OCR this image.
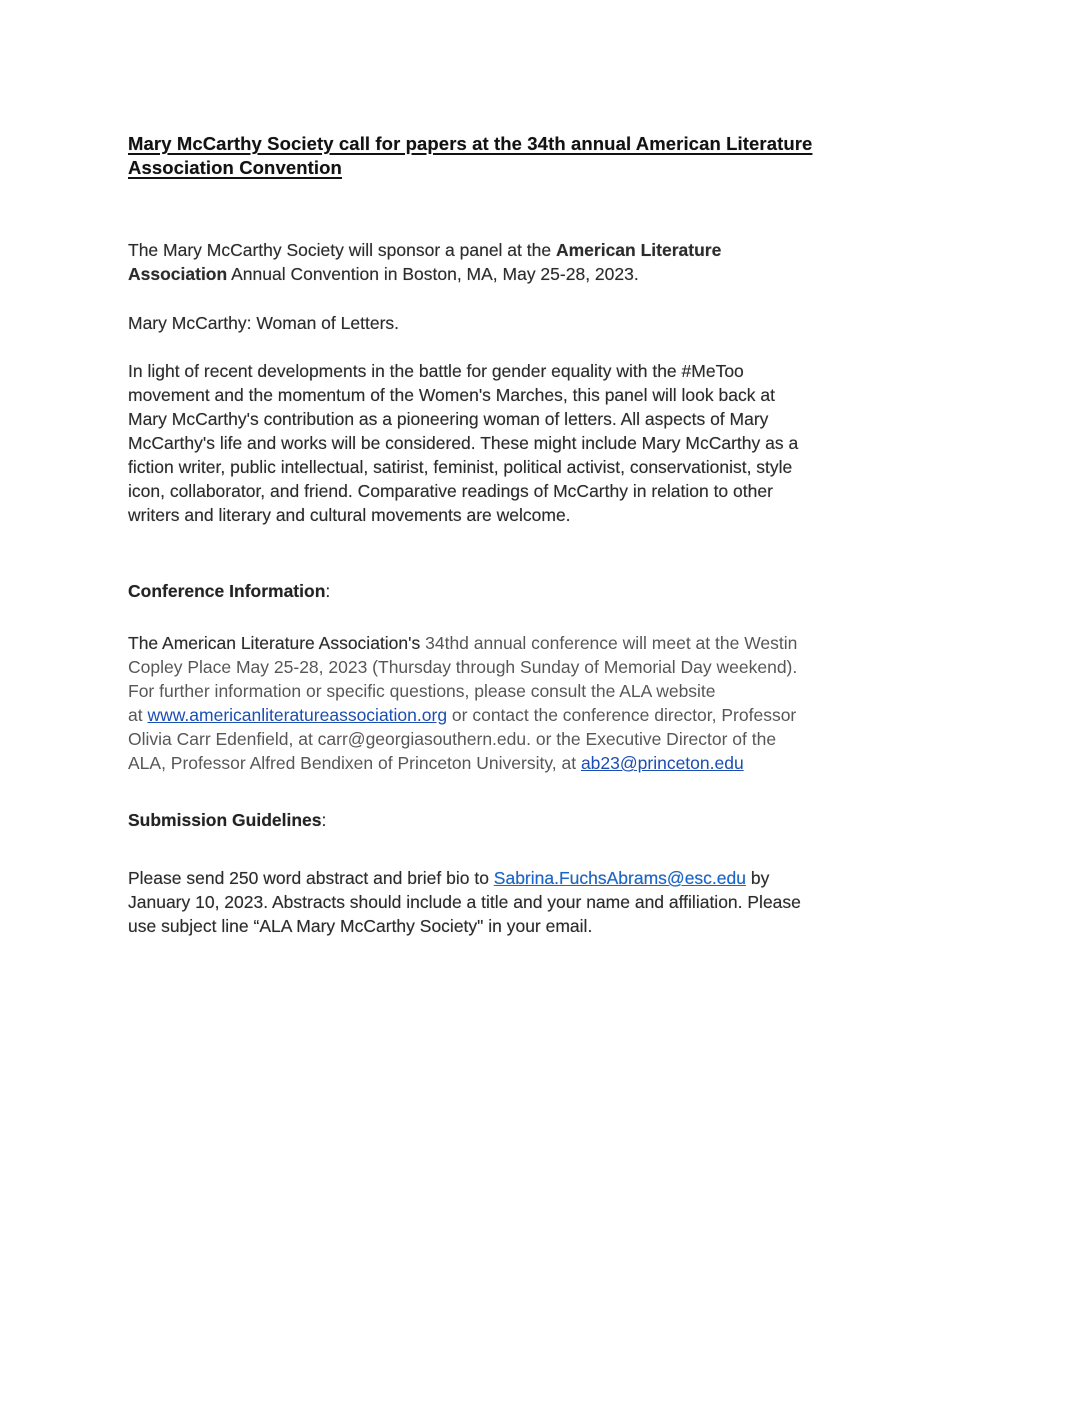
Mary McCarthy Society call for papers at the 34th annual American Literature
Association Convention
The Mary McCarthy Society will sponsor a panel at the American Literature
Association Annual Convention in Boston, MA, May 25-28, 2023.
Mary McCarthy: Woman of Letters.
In light of recent developments in the battle for gender equality with the #MeToo
movement and the momentum of the Women's Marches, this panel will look back at
Mary McCarthy's contribution as a pioneering woman of letters. All aspects of Mary
McCarthy's life and works will be considered. These might include Mary McCarthy as a
fiction writer, public intellectual, satirist, feminist, political activist, conservationist, style
icon, collaborator, and friend. Comparative readings of McCarthy in relation to other
writers and literary and cultural movements are welcome.
Conference Information:
The American Literature Association's 34thd annual conference will meet at the Westin
Copley Place May 25-28, 2023 (Thursday through Sunday of Memorial Day weekend).
For further information or specific questions, please consult the ALA website
at www.americanliteratureassociation.org or contact the conference director, Professor
Olivia Carr Edenfield, at carr@georgiasouthern.edu. or the Executive Director of the
ALA, Professor Alfred Bendixen of Princeton University, at ab23@princeton.edu
Submission Guidelines:
Please send 250 word abstract and brief bio to Sabrina.FuchsAbrams@esc.edu by
January 10, 2023. Abstracts should include a title and your name and affiliation. Please
use subject line “ALA Mary McCarthy Society" in your email.
